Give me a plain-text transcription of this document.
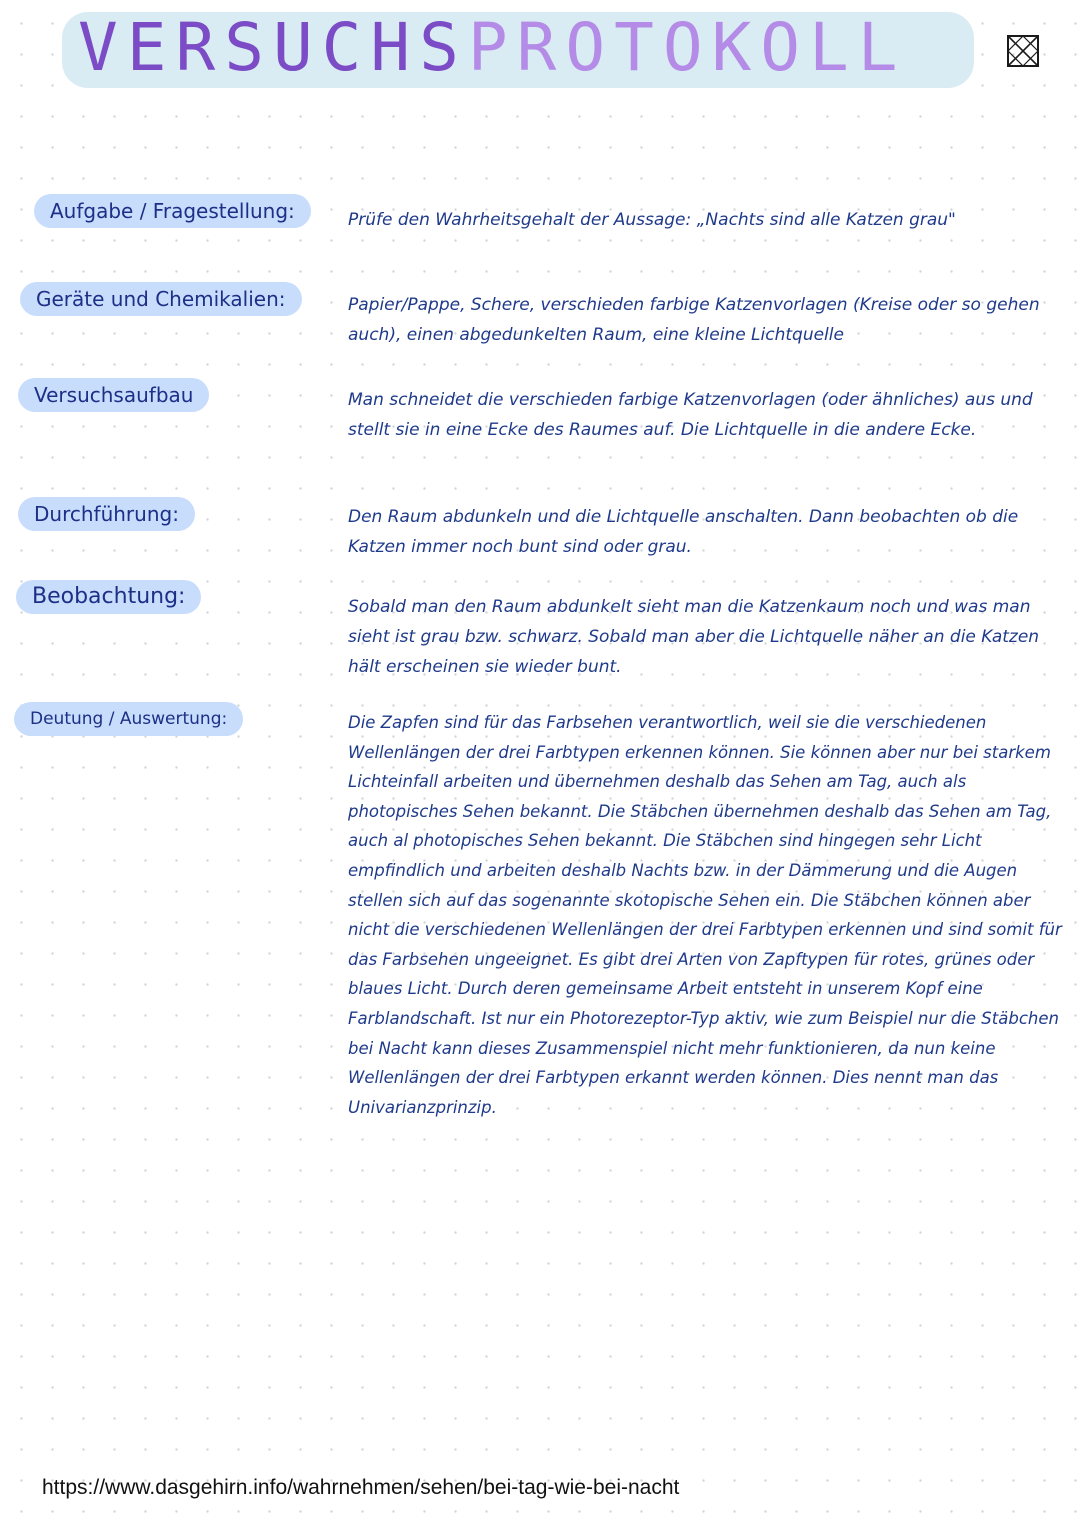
VERSUCHSPROTOKOLL
Aufgabe / Fragestellung:	Prüfe den Wahrheitsgehalt der Aussage: „Nachts sind alle Katzen grau"

Geräte und Chemikalien:	Papier/Pappe, Schere, verschieden farbige Katzenvorlagen (Kreise oder so gehen auch), einen abgedunkelten Raum, eine kleine Lichtquelle

Versuchsaufbau	Man schneidet die verschieden farbige Katzenvorlagen (oder ähnliches) aus und stellt sie in eine Ecke des Raumes auf. Die Lichtquelle in die andere Ecke.

Durchführung:	Den Raum abdunkeln und die Lichtquelle anschalten. Dann beobachten ob die Katzen immer noch bunt sind oder grau.

Beobachtung:	Sobald man den Raum abdunkelt sieht man die Katzenkaum noch und was man sieht ist grau bzw. schwarz. Sobald man aber die Lichtquelle näher an die Katzen hält erscheinen sie wieder bunt.

Deutung / Auswertung:	Die Zapfen sind für das Farbsehen verantwortlich, weil sie die verschiedenen Wellenlängen der drei Farbtypen erkennen können. Sie können aber nur bei starkem Lichteinfall arbeiten und übernehmen deshalb das Sehen am Tag, auch als photopisches Sehen bekannt. Die Stäbchen übernehmen deshalb das Sehen am Tag, auch al photopisches Sehen bekannt. Die Stäbchen sind hingegen sehr Licht empfindlich und arbeiten deshalb Nachts bzw. in der Dämmerung und die Augen stellen sich auf das sogenannte skotopische Sehen ein. Die Stäbchen können aber nicht die verschiedenen Wellenlängen der drei Farbtypen erkennen und sind somit für das Farbsehen ungeeignet. Es gibt drei Arten von Zapftypen für rotes, grünes oder blaues Licht. Durch deren gemeinsame Arbeit entsteht in unserem Kopf eine Farblandschaft. Ist nur ein Photorezeptor-Typ aktiv, wie zum Beispiel nur die Stäbchen bei Nacht kann dieses Zusammenspiel nicht mehr funktionieren, da nun keine Wellenlängen der drei Farbtypen erkannt werden können. Dies nennt man das Univarianzprinzip.

https://www.dasgehirn.info/wahrnehmen/sehen/bei-tag-wie-bei-nacht
